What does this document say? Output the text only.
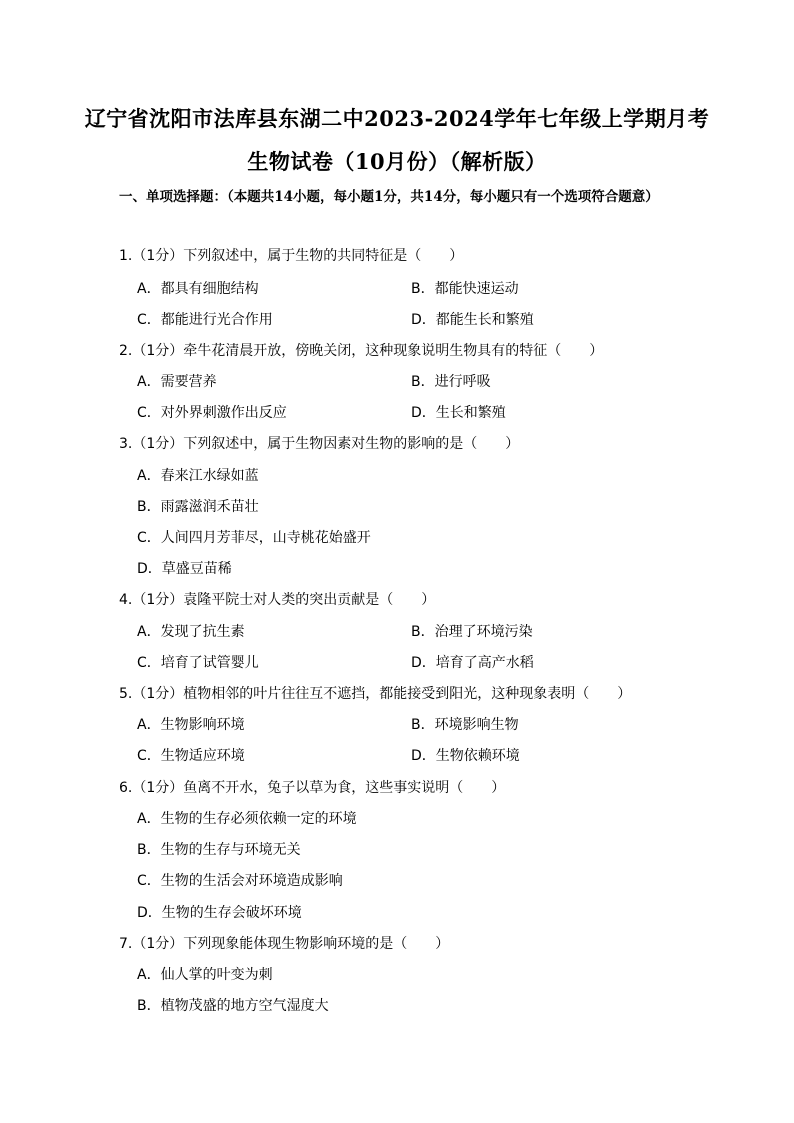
辽宁省沈阳市法库县东湖二中2023-2024学年七年级上学期月考
生物试卷（10月份）（解析版）
一、单项选择题：（本题共14小题，每小题1分，共14分，每小题只有一个选项符合题意）
1.（1分）下列叙述中，属于生物的共同特征是（　　）
A．都具有细胞结构	B．都能快速运动
C．都能进行光合作用	D．都能生长和繁殖
2.（1分）牵牛花清晨开放，傍晚关闭，这种现象说明生物具有的特征（　　）
A．需要营养	B．进行呼吸
C．对外界刺激作出反应	D．生长和繁殖
3.（1分）下列叙述中，属于生物因素对生物的影响的是（　　）
A．春来江水绿如蓝
B．雨露滋润禾苗壮
C．人间四月芳菲尽，山寺桃花始盛开
D．草盛豆苗稀
4.（1分）袁隆平院士对人类的突出贡献是（　　）
A．发现了抗生素	B．治理了环境污染
C．培育了试管婴儿	D．培育了高产水稻
5.（1分）植物相邻的叶片往往互不遮挡，都能接受到阳光，这种现象表明（　　）
A．生物影响环境	B．环境影响生物
C．生物适应环境	D．生物依赖环境
6.（1分）鱼离不开水，兔子以草为食，这些事实说明（　　）
A．生物的生存必须依赖一定的环境
B．生物的生存与环境无关
C．生物的生活会对环境造成影响
D．生物的生存会破坏环境
7.（1分）下列现象能体现生物影响环境的是（　　）
A．仙人掌的叶变为刺
B．植物茂盛的地方空气湿度大
